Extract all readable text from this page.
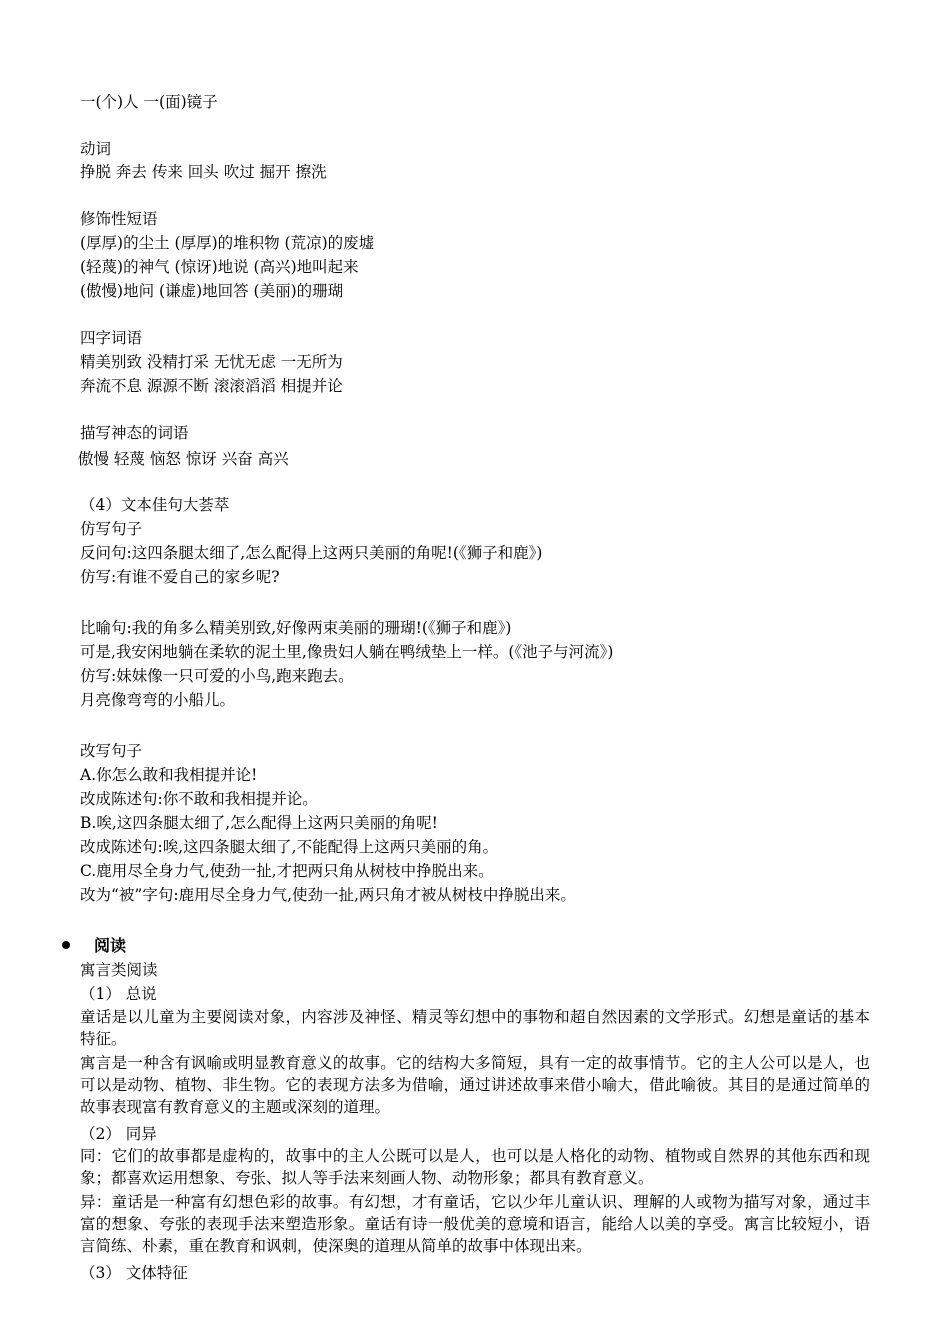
一(个)人 一(面)镜子
动词
挣脱 奔去 传来 回头 吹过 掘开 擦洗
修饰性短语
(厚厚)的尘土 (厚厚)的堆积物 (荒凉)的废墟
(轻蔑)的神气 (惊讶)地说 (高兴)地叫起来
(傲慢)地问 (谦虚)地回答 (美丽)的珊瑚
四字词语
精美别致 没精打采 无忧无虑 一无所为
奔流不息 源源不断 滚滚滔滔 相提并论
描写神态的词语
傲慢 轻蔑 恼怒 惊讶 兴奋 高兴
（4）文本佳句大荟萃
仿写句子
反问句:这四条腿太细了,怎么配得上这两只美丽的角呢!(《狮子和鹿》)
仿写:有谁不爱自己的家乡呢?
比喻句:我的角多么精美别致,好像两束美丽的珊瑚!(《狮子和鹿》)
可是,我安闲地躺在柔软的泥土里,像贵妇人躺在鸭绒垫上一样。(《池子与河流》)
仿写:妹妹像一只可爱的小鸟,跑来跑去。
月亮像弯弯的小船儿。
改写句子
A.你怎么敢和我相提并论!
改成陈述句:你不敢和我相提并论。
B.唉,这四条腿太细了,怎么配得上这两只美丽的角呢!
改成陈述句:唉,这四条腿太细了,不能配得上这两只美丽的角。
C.鹿用尽全身力气,使劲一扯,才把两只角从树枝中挣脱出来。
改为“被”字句:鹿用尽全身力气,使劲一扯,两只角才被从树枝中挣脱出来。
阅读
寓言类阅读
（1） 总说
童话是以儿童为主要阅读对象，内容涉及神怪、精灵等幻想中的事物和超自然因素的文学形式。幻想是童话的基本特征。
寓言是一种含有讽喻或明显教育意义的故事。它的结构大多简短，具有一定的故事情节。它的主人公可以是人，也可以是动物、植物、非生物。它的表现方法多为借喻，通过讲述故事来借小喻大，借此喻彼。其目的是通过简单的故事表现富有教育意义的主题或深刻的道理。
（2） 同异
同：它们的故事都是虚构的，故事中的主人公既可以是人，也可以是人格化的动物、植物或自然界的其他东西和现象；都喜欢运用想象、夸张、拟人等手法来刻画人物、动物形象；都具有教育意义。
异：童话是一种富有幻想色彩的故事。有幻想，才有童话，它以少年儿童认识、理解的人或物为描写对象，通过丰富的想象、夸张的表现手法来塑造形象。童话有诗一般优美的意境和语言，能给人以美的享受。寓言比较短小，语言简练、朴素，重在教育和讽刺，使深奥的道理从简单的故事中体现出来。
（3） 文体特征
